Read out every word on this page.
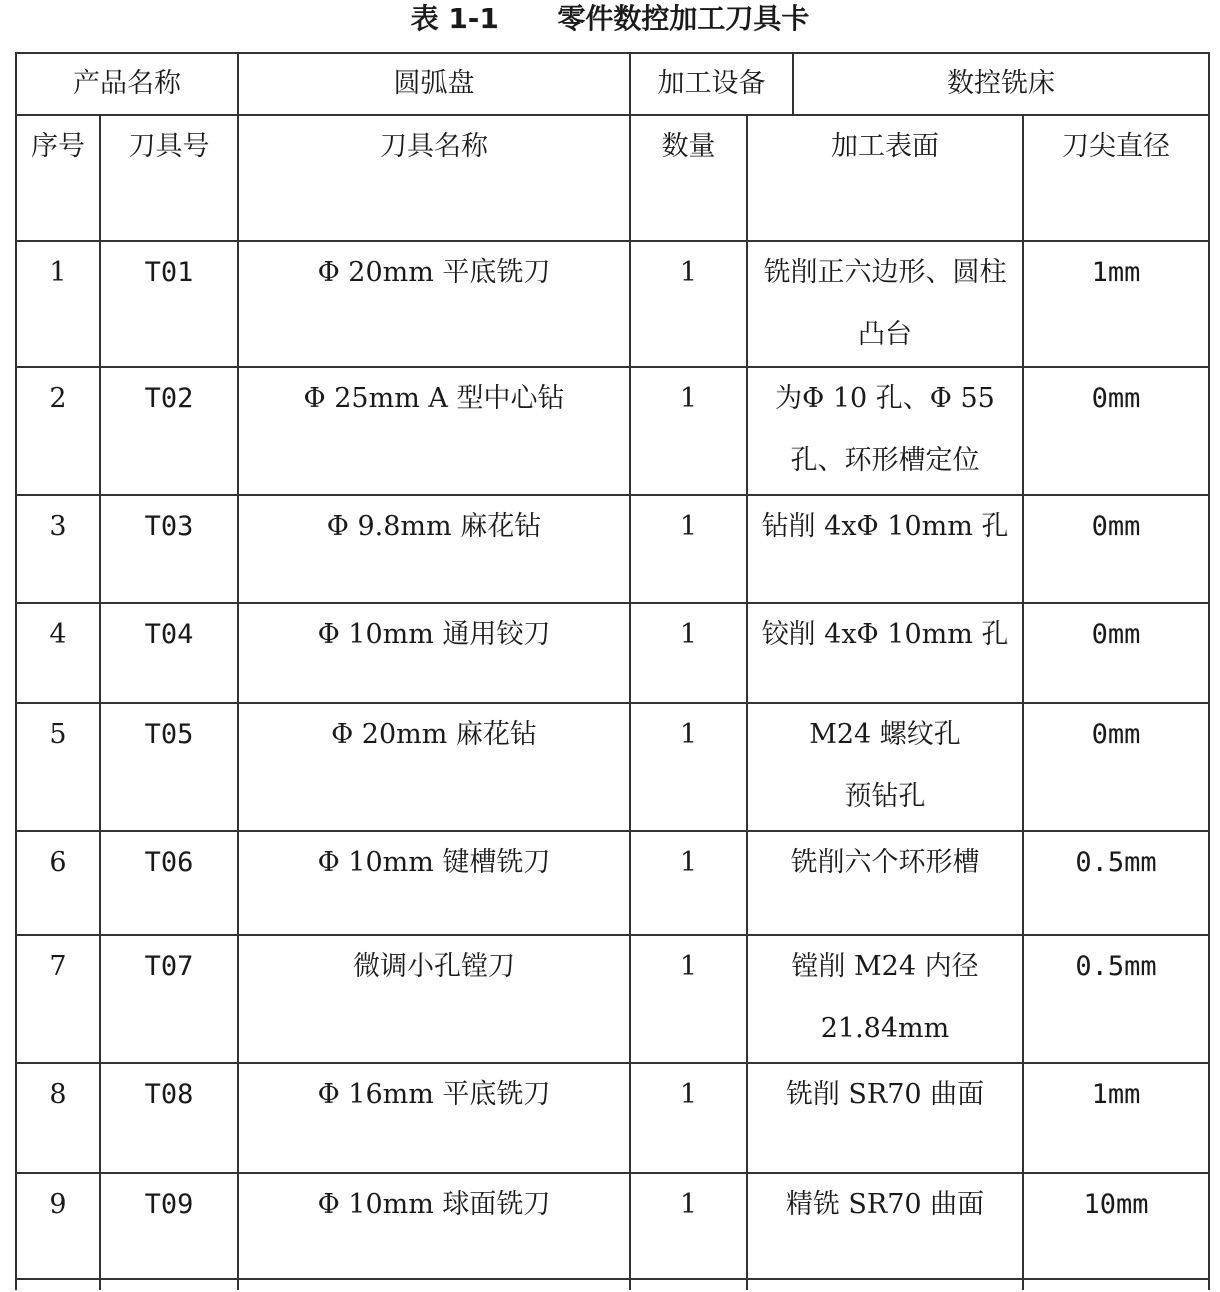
表 1-1      零件数控加工刀具卡
产品名称		圆弧盘	加工设备		数控铣床	
序号	刀具号	刀具名称	数量	加工表面		刀尖直径
1	T01	Φ 20mm 平底铣刀	1	铣削正六边形、圆柱凸台		1mm
2	T02	Φ 25mm A 型中心钻	1	为Φ 10 孔、Φ 55 孔、环形槽定位		0mm
3	T03	Φ 9.8mm 麻花钻	1	钻削 4xΦ 10mm 孔		0mm
4	T04	Φ 10mm 通用铰刀	1	铰削 4xΦ 10mm 孔		0mm
5	T05	Φ 20mm 麻花钻	1	M24 螺纹孔预钻孔		0mm
6	T06	Φ 10mm 键槽铣刀	1	铣削六个环形槽		0.5mm
7	T07	微调小孔镗刀	1	镗削 M24 内径 21.84mm		0.5mm
8	T08	Φ 16mm 平底铣刀	1	铣削 SR70 曲面		1mm
9	T09	Φ 10mm 球面铣刀	1	精铣 SR70 曲面		10mm
